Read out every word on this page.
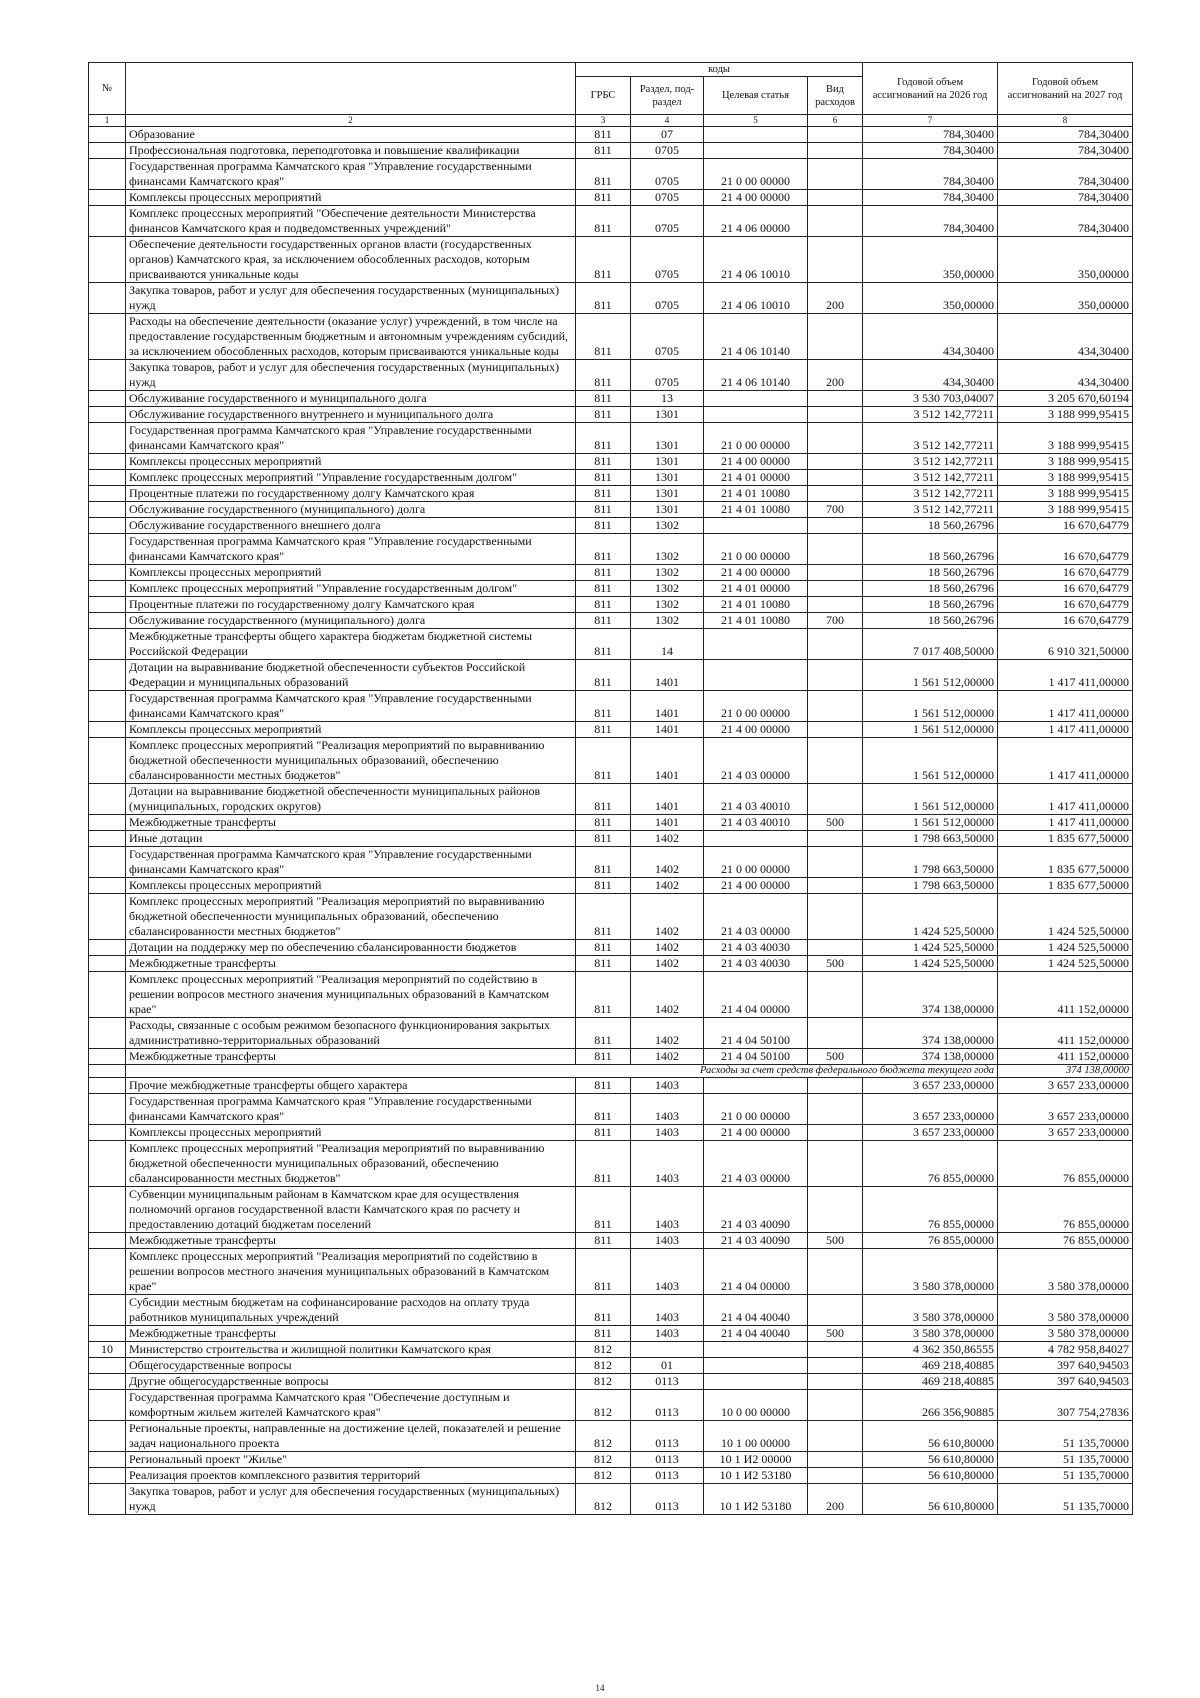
№		коды				Годовой объем ассигнований на 2026 год	Годовой объем ассигнований на 2027 год	
		ГРБС	Раздел, под-раздел	Целевая статья	Вид расходов			
1	2	3	4	5	6	7	8	
	Образование	811	07			784,30400	784,30400	
	Профессиональная подготовка, переподготовка и повышение квалификации	811	0705			784,30400	784,30400	
	Государственная программа Камчатского края "Управление государственными финансами Камчатского края"	811	0705	21 0 00 00000		784,30400	784,30400	
	Комплексы процессных мероприятий	811	0705	21 4 00 00000		784,30400	784,30400	
	Комплекс процессных мероприятий "Обеспечение деятельности Министерства финансов Камчатского края и подведомственных учреждений"	811	0705	21 4 06 00000		784,30400	784,30400	
	Обеспечение деятельности государственных органов власти (государственных органов) Камчатского края, за исключением обособленных расходов, которым присваиваются уникальные коды	811	0705	21 4 06 10010		350,00000	350,00000	
	Закупка товаров, работ и услуг для обеспечения государственных (муниципальных) нужд	811	0705	21 4 06 10010	200	350,00000	350,00000	
	Расходы на обеспечение деятельности (оказание услуг) учреждений, в том числе на предоставление государственным бюджетным и автономным учреждениям субсидий, за исключением обособленных расходов, которым присваиваются уникальные коды	811	0705	21 4 06 10140		434,30400	434,30400	
	Закупка товаров, работ и услуг для обеспечения государственных (муниципальных) нужд	811	0705	21 4 06 10140	200	434,30400	434,30400	
	Обслуживание государственного и муниципального долга	811	13			3 530 703,04007	3 205 670,60194	
	Обслуживание государственного внутреннего и муниципального долга	811	1301			3 512 142,77211	3 188 999,95415	
	Государственная программа Камчатского края "Управление государственными финансами Камчатского края"	811	1301	21 0 00 00000		3 512 142,77211	3 188 999,95415	
	Комплексы процессных мероприятий	811	1301	21 4 00 00000		3 512 142,77211	3 188 999,95415	
	Комплекс процессных мероприятий "Управление государственным долгом"	811	1301	21 4 01 00000		3 512 142,77211	3 188 999,95415	
	Процентные платежи по государственному долгу Камчатского края	811	1301	21 4 01 10080		3 512 142,77211	3 188 999,95415	
	Обслуживание государственного (муниципального) долга	811	1301	21 4 01 10080	700	3 512 142,77211	3 188 999,95415	
	Обслуживание государственного внешнего долга	811	1302			18 560,26796	16 670,64779	
	Государственная программа Камчатского края "Управление государственными финансами Камчатского края"	811	1302	21 0 00 00000		18 560,26796	16 670,64779	
	Комплексы процессных мероприятий	811	1302	21 4 00 00000		18 560,26796	16 670,64779	
	Комплекс процессных мероприятий "Управление государственным долгом"	811	1302	21 4 01 00000		18 560,26796	16 670,64779	
	Процентные платежи по государственному долгу Камчатского края	811	1302	21 4 01 10080		18 560,26796	16 670,64779	
	Обслуживание государственного (муниципального) долга	811	1302	21 4 01 10080	700	18 560,26796	16 670,64779	
	Межбюджетные трансферты общего характера бюджетам бюджетной системы Российской Федерации	811	14			7 017 408,50000	6 910 321,50000	
	Дотации на выравнивание бюджетной обеспеченности субъектов Российской Федерации и муниципальных образований	811	1401			1 561 512,00000	1 417 411,00000	
	Государственная программа Камчатского края "Управление государственными финансами Камчатского края"	811	1401	21 0 00 00000		1 561 512,00000	1 417 411,00000	
	Комплексы процессных мероприятий	811	1401	21 4 00 00000		1 561 512,00000	1 417 411,00000	
	Комплекс процессных мероприятий "Реализация мероприятий по выравниванию бюджетной обеспеченности муниципальных образований, обеспечению сбалансированности местных бюджетов"	811	1401	21 4 03 00000		1 561 512,00000	1 417 411,00000	
	Дотации на выравнивание бюджетной обеспеченности муниципальных районов (муниципальных, городских округов)	811	1401	21 4 03 40010		1 561 512,00000	1 417 411,00000	
	Межбюджетные трансферты	811	1401	21 4 03 40010	500	1 561 512,00000	1 417 411,00000	
	Иные дотации	811	1402			1 798 663,50000	1 835 677,50000	
	Государственная программа Камчатского края "Управление государственными финансами Камчатского края"	811	1402	21 0 00 00000		1 798 663,50000	1 835 677,50000	
	Комплексы процессных мероприятий	811	1402	21 4 00 00000		1 798 663,50000	1 835 677,50000	
	Комплекс процессных мероприятий "Реализация мероприятий по выравниванию бюджетной обеспеченности муниципальных образований, обеспечению сбалансированности местных бюджетов"	811	1402	21 4 03 00000		1 424 525,50000	1 424 525,50000	
	Дотации на поддержку мер по обеспечению сбалансированности бюджетов	811	1402	21 4 03 40030		1 424 525,50000	1 424 525,50000	
	Межбюджетные трансферты	811	1402	21 4 03 40030	500	1 424 525,50000	1 424 525,50000	
	Комплекс процессных мероприятий "Реализация мероприятий по содействию в решении вопросов местного значения муниципальных образований в Камчатском крае"	811	1402	21 4 04 00000		374 138,00000	411 152,00000	
	Расходы, связанные с особым режимом безопасного функционирования закрытых административно-территориальных образований	811	1402	21 4 04 50100		374 138,00000	411 152,00000	
	Межбюджетные трансферты	811	1402	21 4 04 50100	500	374 138,00000	411 152,00000	
	Расходы за счет средств федерального бюджета текущего года						374 138,00000	
	Прочие межбюджетные трансферты общего характера	811	1403			3 657 233,00000	3 657 233,00000	
	Государственная программа Камчатского края "Управление государственными финансами Камчатского края"	811	1403	21 0 00 00000		3 657 233,00000	3 657 233,00000	
	Комплексы процессных мероприятий	811	1403	21 4 00 00000		3 657 233,00000	3 657 233,00000	
	Комплекс процессных мероприятий "Реализация мероприятий по выравниванию бюджетной обеспеченности муниципальных образований, обеспечению сбалансированности местных бюджетов"	811	1403	21 4 03 00000		76 855,00000	76 855,00000	
	Субвенции муниципальным районам в Камчатском крае для осуществления полномочий органов государственной власти Камчатского края по расчету и предоставлению дотаций бюджетам поселений	811	1403	21 4 03 40090		76 855,00000	76 855,00000	
	Межбюджетные трансферты	811	1403	21 4 03 40090	500	76 855,00000	76 855,00000	
	Комплекс процессных мероприятий "Реализация мероприятий по содействию в решении вопросов местного значения муниципальных образований в Камчатском крае"	811	1403	21 4 04 00000		3 580 378,00000	3 580 378,00000	
	Субсидии местным бюджетам на софинансирование расходов на оплату труда работников муниципальных учреждений	811	1403	21 4 04 40040		3 580 378,00000	3 580 378,00000	
	Межбюджетные трансферты	811	1403	21 4 04 40040	500	3 580 378,00000	3 580 378,00000	
10	Министерство строительства и жилищной политики Камчатского края	812				4 362 350,86555	4 782 958,84027	
	Общегосударственные вопросы	812	01			469 218,40885	397 640,94503	
	Другие общегосударственные вопросы	812	0113			469 218,40885	397 640,94503	
	Государственная программа Камчатского края "Обеспечение доступным и комфортным жильем жителей Камчатского края"	812	0113	10 0 00 00000		266 356,90885	307 754,27836	
	Региональные проекты, направленные на достижение целей, показателей и решение задач национального проекта	812	0113	10 1 00 00000		56 610,80000	51 135,70000	
	Региональный проект "Жилье"	812	0113	10 1 И2 00000		56 610,80000	51 135,70000	
	Реализация проектов комплексного развития территорий	812	0113	10 1 И2 53180		56 610,80000	51 135,70000	
	Закупка товаров, работ и услуг для обеспечения государственных (муниципальных) нужд	812	0113	10 1 И2 53180	200	56 610,80000	51 135,70000	
14
